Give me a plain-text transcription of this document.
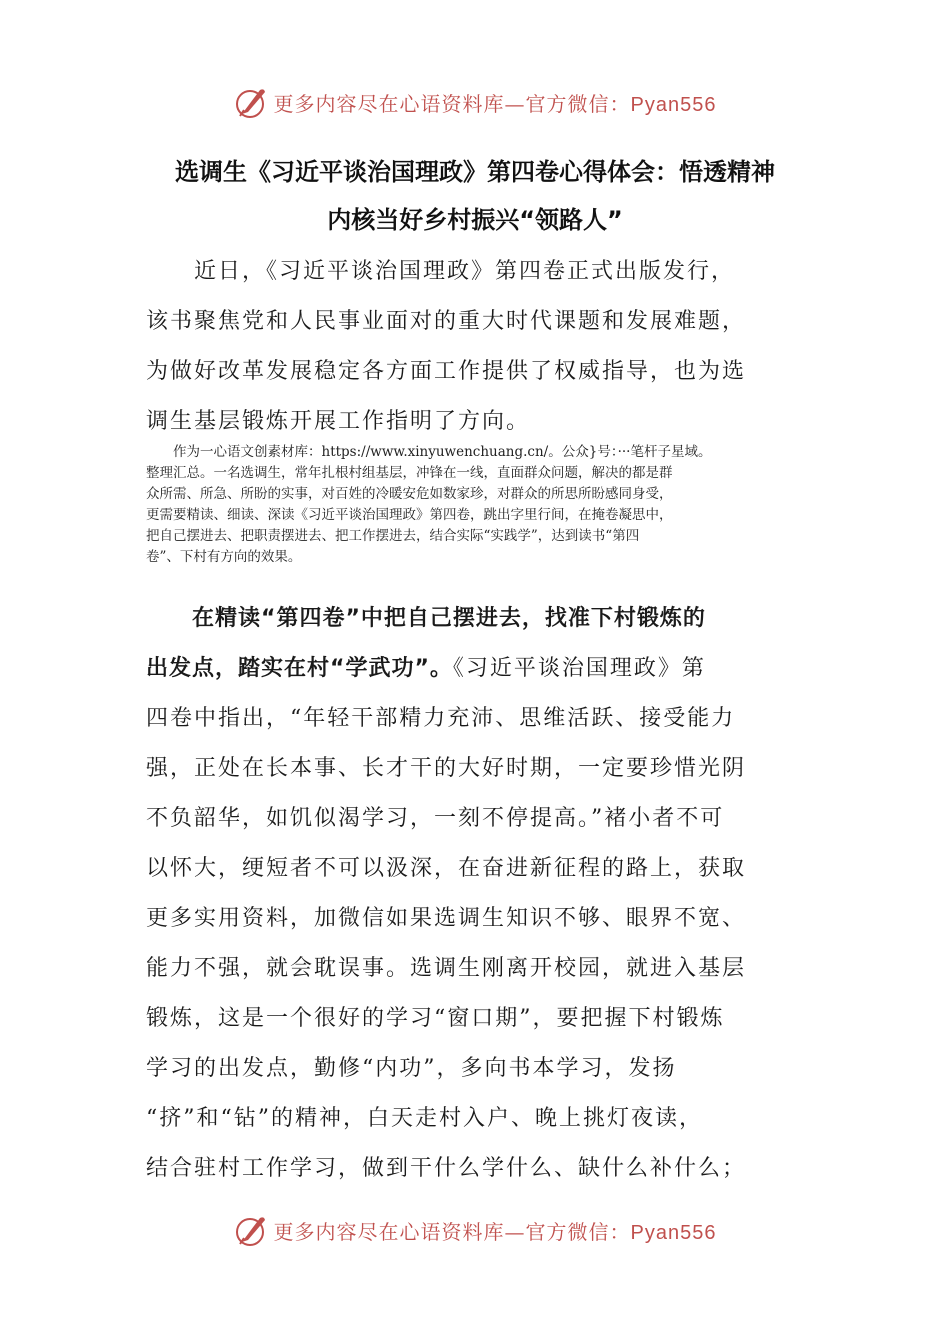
更多内容尽在心语资料库—官方微信：Pyan556
选调生《习近平谈治国理政》第四卷心得体会：悟透精神
内核当好乡村振兴“领路人”
　　近日，《习近平谈治国理政》第四卷正式出版发行，
该书聚焦党和人民事业面对的重大时代课题和发展难题，
为做好改革发展稳定各方面工作提供了权威指导，也为选
调生基层锻炼开展工作指明了方向。
　　作为一心语文创素材库：https://www.xinyuwenchuang.cn/。公众}号：···笔杆子星域。
整理汇总。一名选调生，常年扎根村组基层，冲锋在一线，直面群众问题，解决的都是群
众所需、所急、所盼的实事，对百姓的冷暖安危如数家珍，对群众的所思所盼感同身受，
更需要精读、细读、深读《习近平谈治国理政》第四卷，跳出字里行间，在掩卷凝思中，
把自己摆进去、把职责摆进去、把工作摆进去，结合实际“实践学”，达到读书“第四
卷”、下村有方向的效果。
　　在精读“第四卷”中把自己摆进去，找准下村锻炼的
出发点，踏实在村“学武功”。《习近平谈治国理政》第
四卷中指出，“年轻干部精力充沛、思维活跃、接受能力
强，正处在长本事、长才干的大好时期，一定要珍惜光阴
不负韶华，如饥似渴学习，一刻不停提高。”褚小者不可
以怀大，绠短者不可以汲深，在奋进新征程的路上，获取
更多实用资料，加微信如果选调生知识不够、眼界不宽、
能力不强，就会耽误事。选调生刚离开校园，就进入基层
锻炼，这是一个很好的学习“窗口期”，要把握下村锻炼
学习的出发点，勤修“内功”，多向书本学习，发扬
“挤”和“钻”的精神，白天走村入户、晚上挑灯夜读，
结合驻村工作学习，做到干什么学什么、缺什么补什么；
更多内容尽在心语资料库—官方微信：Pyan556
